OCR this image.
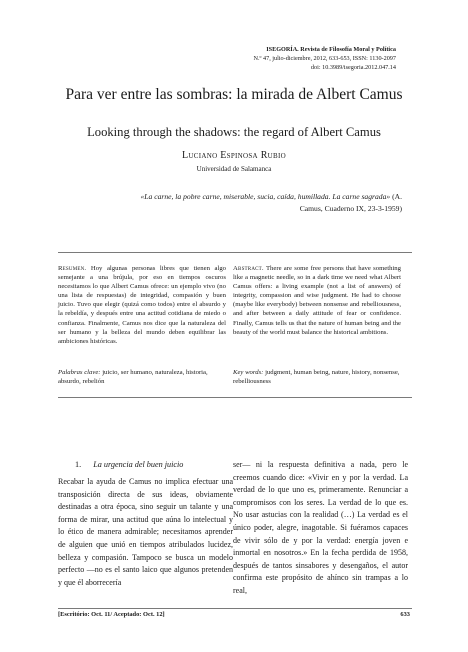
ISEGORÍA. Revista de Filosofía Moral y Política
N.º 47, julio-diciembre, 2012, 633-653, ISSN: 1130-2097
doi: 10.3989/isegoria.2012.047.14
Para ver entre las sombras: la mirada de Albert Camus
Looking through the shadows: the regard of Albert Camus
Luciano Espinosa Rubio
Universidad de Salamanca
«La carne, la pobre carne, miserable, sucia, caída, humillada. La carne sagrada» (A. Camus, Cuaderno IX, 23-3-1959)
Resumen. Hoy algunas personas libres que tienen algo semejante a una brújula, por eso en tiempos oscuros necesitamos lo que Albert Camus ofrece: un ejemplo vivo (no una lista de respuestas) de integridad, compasión y buen juicio. Tuvo que elegir (quizá como todos) entre el absurdo y la rebeldía, y después entre una actitud cotidiana de miedo o confianza. Finalmente, Camus nos dice que la naturaleza del ser humano y la belleza del mundo deben equilibrar las ambiciones históricas.
Abstract. There are some free persons that have something like a magnetic needle, so in a dark time we need what Albert Camus offers: a living example (not a list of answers) of integrity, compassion and wise judgment. He had to choose (maybe like everybody) between nonsense and rebelliousness, and after between a daily attitude of fear or confidence. Finally, Camus tells us that the nature of human being and the beauty of the world must balance the historical ambitions.
Palabras clave: juicio, ser humano, naturaleza, historia, absurdo, rebelión
Key words: judgment, human being, nature, history, nonsense, rebelliousness
1. La urgencia del buen juicio

Recabar la ayuda de Camus no implica efectuar una transposición directa de sus ideas, obviamente destinadas a otra época, sino seguir un talante y una forma de mirar, una actitud que aúna lo intelectual y lo ético de manera admirable; necesitamos aprender de alguien que unió en tiempos atribulados lucidez, belleza y compasión. Tampoco se busca un modelo perfecto —no es el santo laico que algunos pretenden y que él aborrecería

ser— ni la respuesta definitiva a nada, pero le creemos cuando dice: «Vivir en y por la verdad. La verdad de lo que uno es, primeramente. Renunciar a compromisos con los seres. La verdad de lo que es. No usar astucias con la realidad (…) La verdad es el único poder, alegre, inagotable. Si fuéramos capaces de vivir sólo de y por la verdad: energía joven e inmortal en nosotros.» En la fecha perdida de 1958, después de tantos sinsabores y desengaños, el autor confirma este propósito de ahínco sin trampas a lo real,

[Escritório: Oct. 11/ Aceptado: Oct. 12]	633
